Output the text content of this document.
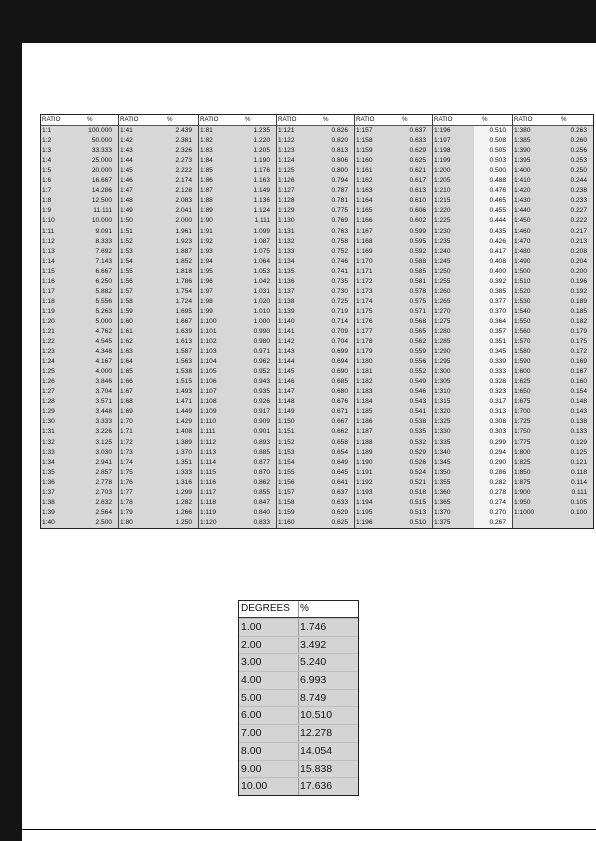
RATIO	%
1:1	100.000
1:2	50.000
1:3	33.333
1:4	25.000
1:5	20.000
1:6	16.667
1:7	14.286
1:8	12.500
1:9	11.111
1:10	10.000
1:11	9.091
1:12	8.333
1:13	7.692
1:14	7.143
1:15	6.667
1:16	6.250
1:17	5.882
1:18	5.556
1:19	5.263
1:20	5.000
1:21	4.762
1:22	4.545
1:23	4.348
1:24	4.167
1:25	4.000
1:26	3.846
1:27	3.704
1:28	3.571
1:29	3.448
1:30	3.333
1:31	3.226
1:32	3.125
1:33	3.030
1:34	2.941
1:35	2.857
1:36	2.778
1:37	2.703
1:38	2.632
1:39	2.564
1:40	2.500
RATIO	%
1:41	2.439
1:42	2.381
1:43	2.326
1:44	2.273
1:45	2.222
1:46	2.174
1:47	2.128
1:48	2.083
1:49	2.041
1:50	2.000
1:51	1.961
1:52	1.923
1:53	1.887
1:54	1.852
1:55	1.818
1:56	1.786
1:57	1.754
1:58	1.724
1:59	1.695
1:60	1.667
1:61	1.639
1:62	1.613
1:63	1.587
1:64	1.563
1:65	1.538
1:66	1.515
1:67	1.493
1:68	1.471
1:69	1.449
1:70	1.429
1:71	1.408
1:72	1.389
1:73	1.370
1:74	1.351
1:75	1.333
1:76	1.316
1:77	1.299
1:78	1.282
1:79	1.266
1:80	1.250
RATIO	%
1:81	1.235
1:82	1.220
1:83	1.205
1:84	1.190
1:85	1.176
1:86	1.163
1:87	1.149
1:88	1.136
1:89	1.124
1:90	1.111
1:91	1.099
1:92	1.087
1:93	1.075
1:94	1.064
1:95	1.053
1:96	1.042
1:97	1.031
1:98	1.020
1:99	1.010
1:100	1.000
1:101	0.990
1:102	0.980
1:103	0.971
1:104	0.962
1:105	0.952
1:106	0.943
1:107	0.935
1:108	0.926
1:109	0.917
1:110	0.909
1:111	0.901
1:112	0.893
1:113	0.885
1:114	0.877
1:115	0.870
1:116	0.862
1:117	0.855
1:118	0.847
1:119	0.840
1:120	0.833
RATIO	%
1:121	0.826
1:122	0.820
1:123	0.813
1:124	0.806
1:125	0.800
1:126	0.794
1:127	0.787
1:128	0.781
1:129	0.775
1:130	0.769
1:131	0.763
1:132	0.758
1:133	0.752
1:134	0.746
1:135	0.741
1:136	0.735
1:137	0.730
1:138	0.725
1:139	0.719
1:140	0.714
1:141	0.709
1:142	0.704
1:143	0.699
1:144	0.694
1:145	0.690
1:146	0.685
1:147	0.680
1:148	0.676
1:149	0.671
1:150	0.667
1:151	0.662
1:152	0.658
1:153	0.654
1:154	0.649
1:155	0.645
1:156	0.641
1:157	0.637
1:158	0.633
1:159	0.629
1:160	0.625
RATIO	%
1:157	0.637
1:158	0.633
1:159	0.629
1:160	0.625
1:161	0.621
1:162	0.617
1:163	0.613
1:164	0.610
1:165	0.606
1:166	0.602
1:167	0.599
1:168	0.595
1:169	0.592
1:170	0.588
1:171	0.585
1:172	0.581
1:173	0.578
1:174	0.575
1:175	0.571
1:176	0.568
1:177	0.565
1:178	0.562
1:179	0.559
1:180	0.556
1:181	0.552
1:182	0.549
1:183	0.546
1:184	0.543
1:185	0.541
1:186	0.538
1:187	0.535
1:188	0.532
1:189	0.529
1:190	0.526
1:191	0.524
1:192	0.521
1:193	0.518
1:194	0.515
1:195	0.513
1:196	0.510
RATIO	%
1:196	0.510
1:197	0.508
1:198	0.505
1:199	0.503
1:200	0.500
1:205	0.488
1:210	0.476
1:215	0.465
1:220	0.455
1:225	0.444
1:230	0.435
1:235	0.426
1:240	0.417
1:245	0.408
1:250	0.400
1:255	0.392
1:260	0.385
1:265	0.377
1:270	0.370
1:275	0.364
1:280	0.357
1:285	0.351
1:290	0.345
1:295	0.339
1:300	0.333
1:305	0.328
1:310	0.323
1:315	0.317
1:320	0.313
1:325	0.308
1:330	0.303
1:335	0.299
1:340	0.294
1:345	0.290
1:350	0.286
1:355	0.282
1:360	0.278
1:365	0.274
1:370	0.270
1:375	0.267
RATIO	%
1:380	0.263
1:385	0.260
1:390	0.256
1:395	0.253
1:400	0.250
1:410	0.244
1:420	0.238
1:430	0.233
1:440	0.227
1:450	0.222
1:460	0.217
1:470	0.213
1:480	0.208
1:490	0.204
1:500	0.200
1:510	0.196
1:520	0.192
1:530	0.189
1:540	0.185
1:550	0.182
1:560	0.179
1:570	0.175
1:580	0.172
1:590	0.169
1:600	0.167
1:625	0.160
1:650	0.154
1:675	0.148
1:700	0.143
1:725	0.138
1:750	0.133
1:775	0.129
1:800	0.125
1:825	0.121
1:850	0.118
1:875	0.114
1:900	0.111
1:950	0.105
1:1000	0.100
DEGREES	%
1.00	1.746
2.00	3.492
3.00	5.240
4.00	6.993
5.00	8.749
6.00	10.510
7.00	12.278
8.00	14.054
9.00	15.838
10.00	17.636
